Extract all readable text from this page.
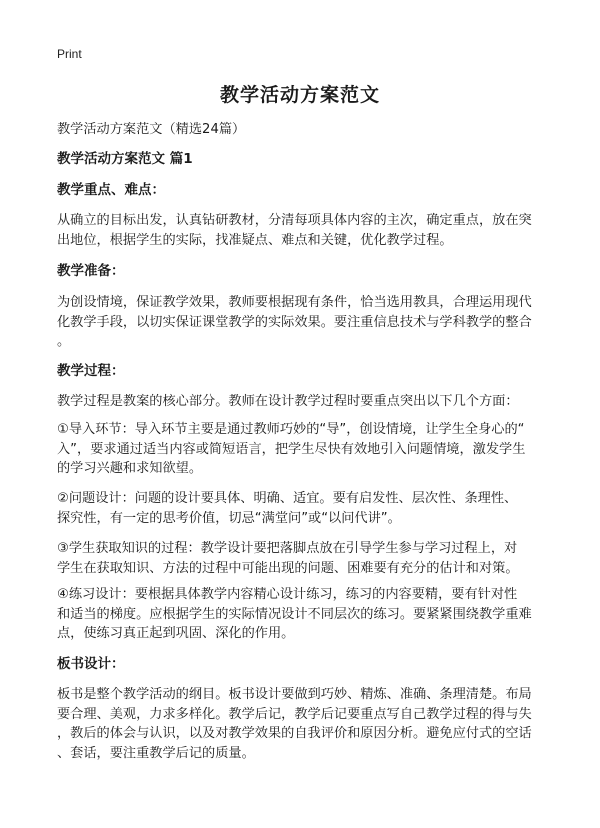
Print
教学活动方案范文
教学活动方案范文（精选24篇）
教学活动方案范文 篇1
教学重点、难点：
从确立的目标出发，认真钻研教材，分清每项具体内容的主次，确定重点，放在突
出地位，根据学生的实际，找准疑点、难点和关键，优化教学过程。
教学准备：
为创设情境，保证教学效果，教师要根据现有条件，恰当选用教具，合理运用现代
化教学手段，以切实保证课堂教学的实际效果。要注重信息技术与学科教学的整合
。
教学过程：
教学过程是教案的核心部分。教师在设计教学过程时要重点突出以下几个方面：
①导入环节：导入环节主要是通过教师巧妙的“导”，创设情境，让学生全身心的“
入”，要求通过适当内容或简短语言，把学生尽快有效地引入问题情境，激发学生
的学习兴趣和求知欲望。
②问题设计：问题的设计要具体、明确、适宜。要有启发性、层次性、条理性、
探究性，有一定的思考价值，切忌“满堂问”或“以问代讲”。
③学生获取知识的过程：教学设计要把落脚点放在引导学生参与学习过程上，对
学生在获取知识、方法的过程中可能出现的问题、困难要有充分的估计和对策。
④练习设计：要根据具体教学内容精心设计练习，练习的内容要精，要有针对性
和适当的梯度。应根据学生的实际情况设计不同层次的练习。要紧紧围绕教学重难
点，使练习真正起到巩固、深化的作用。
板书设计：
板书是整个教学活动的纲目。板书设计要做到巧妙、精炼、准确、条理清楚。布局
要合理、美观，力求多样化。教学后记，教学后记要重点写自己教学过程的得与失
，教后的体会与认识，以及对教学效果的自我评价和原因分析。避免应付式的空话
、套话，要注重教学后记的质量。
